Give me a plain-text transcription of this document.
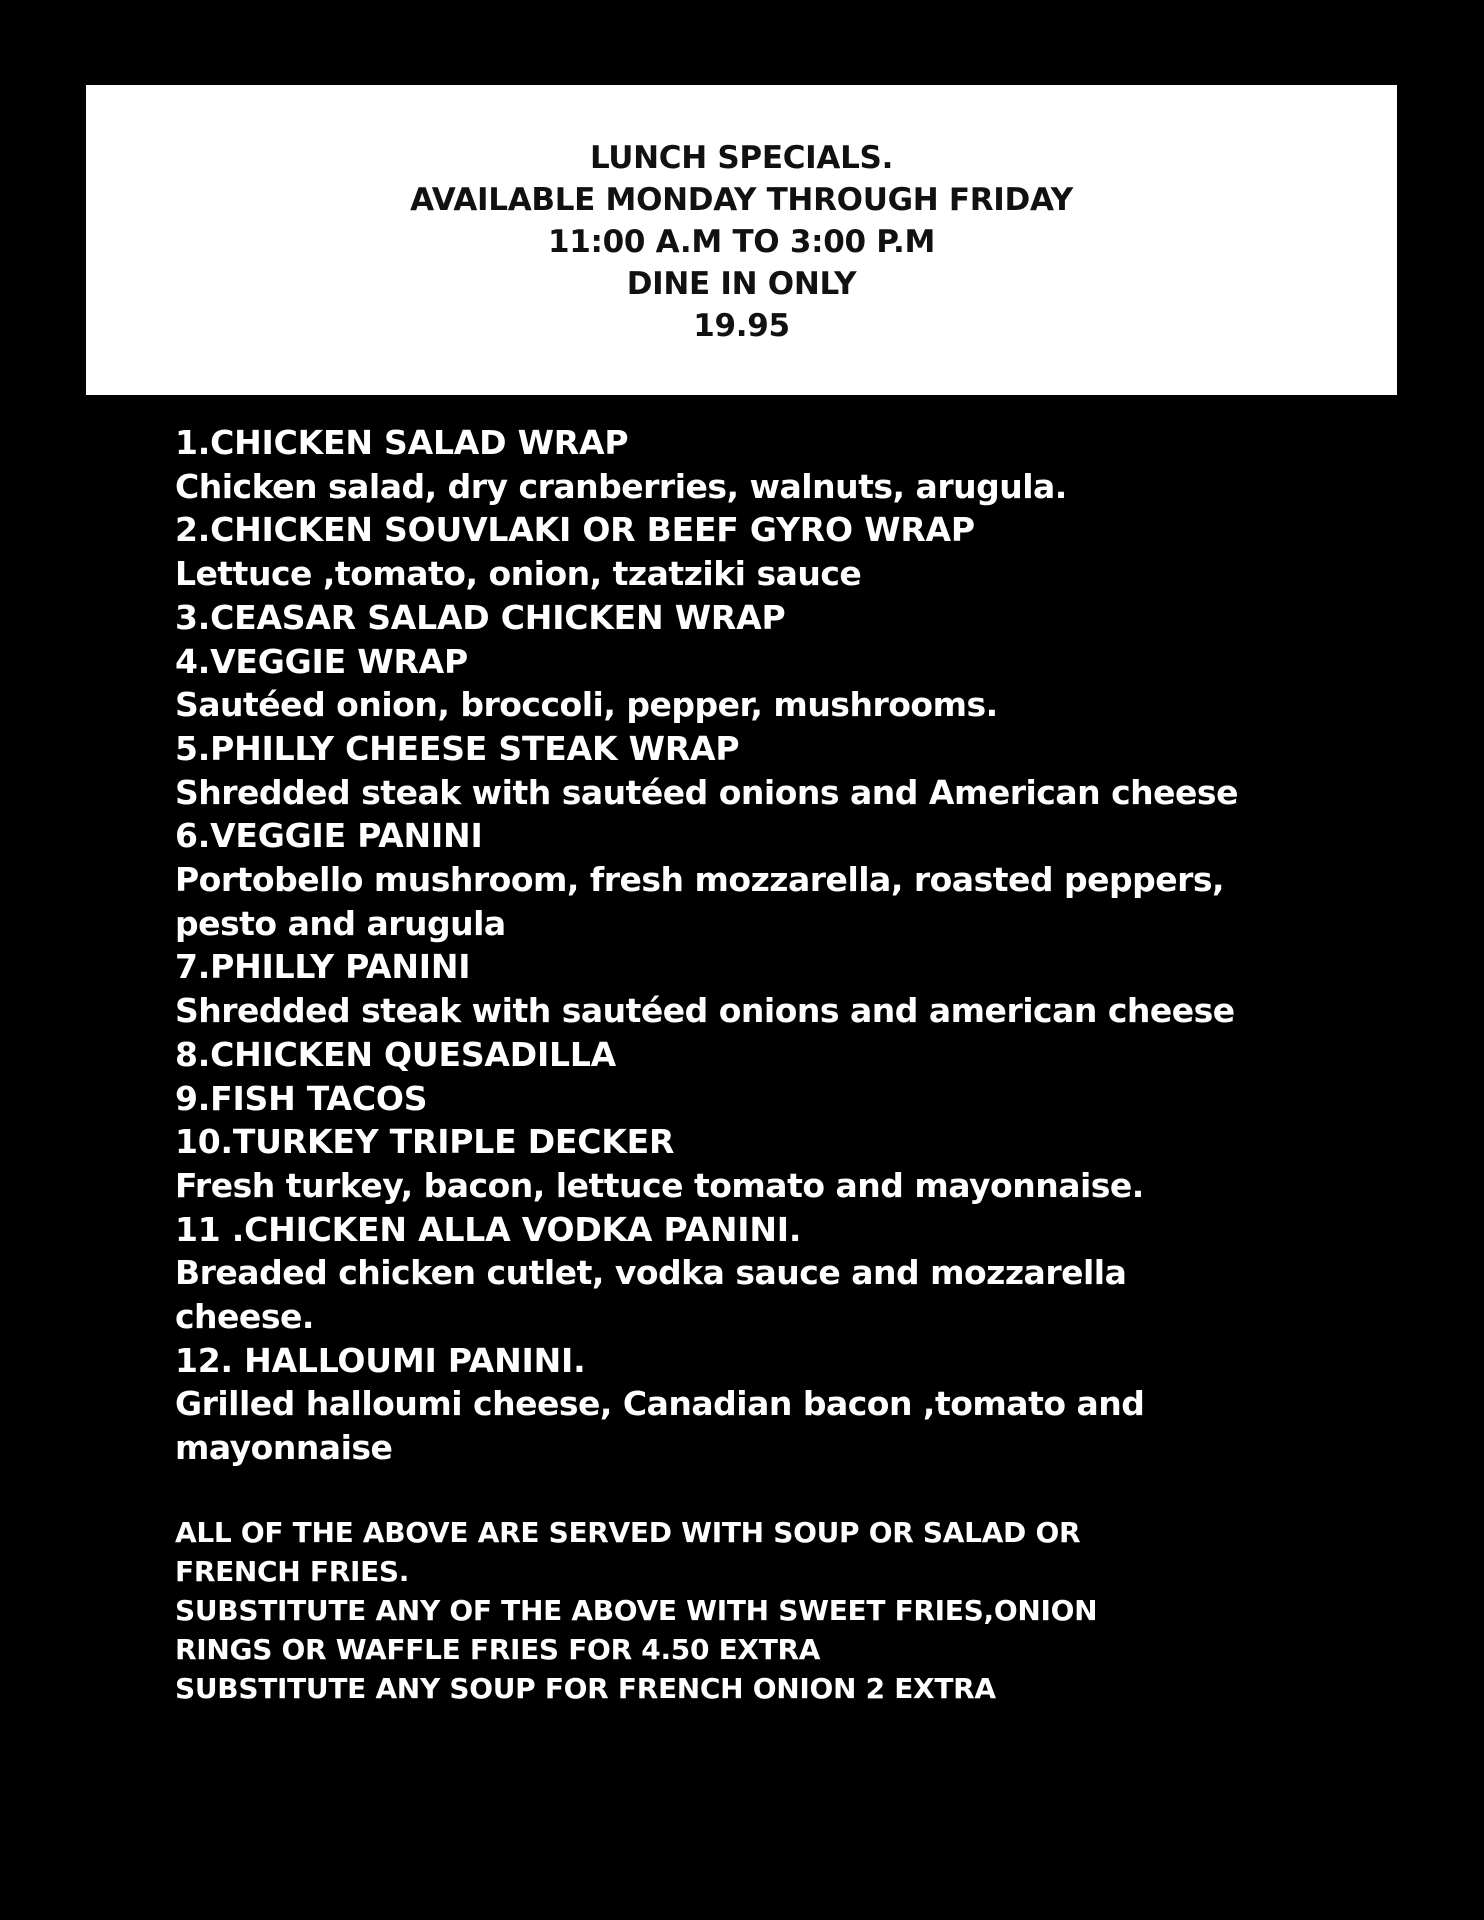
LUNCH SPECIALS.
AVAILABLE MONDAY THROUGH FRIDAY
11:00 A.M TO 3:00 P.M
DINE IN ONLY
19.95
1.CHICKEN SALAD WRAP
Chicken salad, dry cranberries, walnuts, arugula.
2.CHICKEN SOUVLAKI OR BEEF GYRO WRAP
Lettuce ,tomato, onion, tzatziki sauce
3.CEASAR SALAD CHICKEN WRAP
4.VEGGIE WRAP
Sautéed onion, broccoli, pepper, mushrooms.
5.PHILLY CHEESE STEAK WRAP
Shredded steak with sautéed onions and American cheese
6.VEGGIE PANINI
Portobello mushroom, fresh mozzarella, roasted peppers,
pesto and arugula
7.PHILLY PANINI
Shredded steak with sautéed onions and american cheese
8.CHICKEN QUESADILLA
9.FISH TACOS
10.TURKEY TRIPLE DECKER
Fresh turkey, bacon, lettuce tomato and mayonnaise.
11 .CHICKEN ALLA VODKA PANINI.
Breaded chicken cutlet, vodka sauce and mozzarella
cheese.
12. HALLOUMI PANINI.
Grilled halloumi cheese, Canadian bacon ,tomato and
mayonnaise
ALL OF THE ABOVE ARE SERVED WITH SOUP OR SALAD OR
FRENCH FRIES.
SUBSTITUTE ANY OF THE ABOVE WITH SWEET FRIES,ONION
RINGS OR WAFFLE FRIES FOR 4.50 EXTRA
SUBSTITUTE ANY SOUP FOR FRENCH ONION 2 EXTRA
